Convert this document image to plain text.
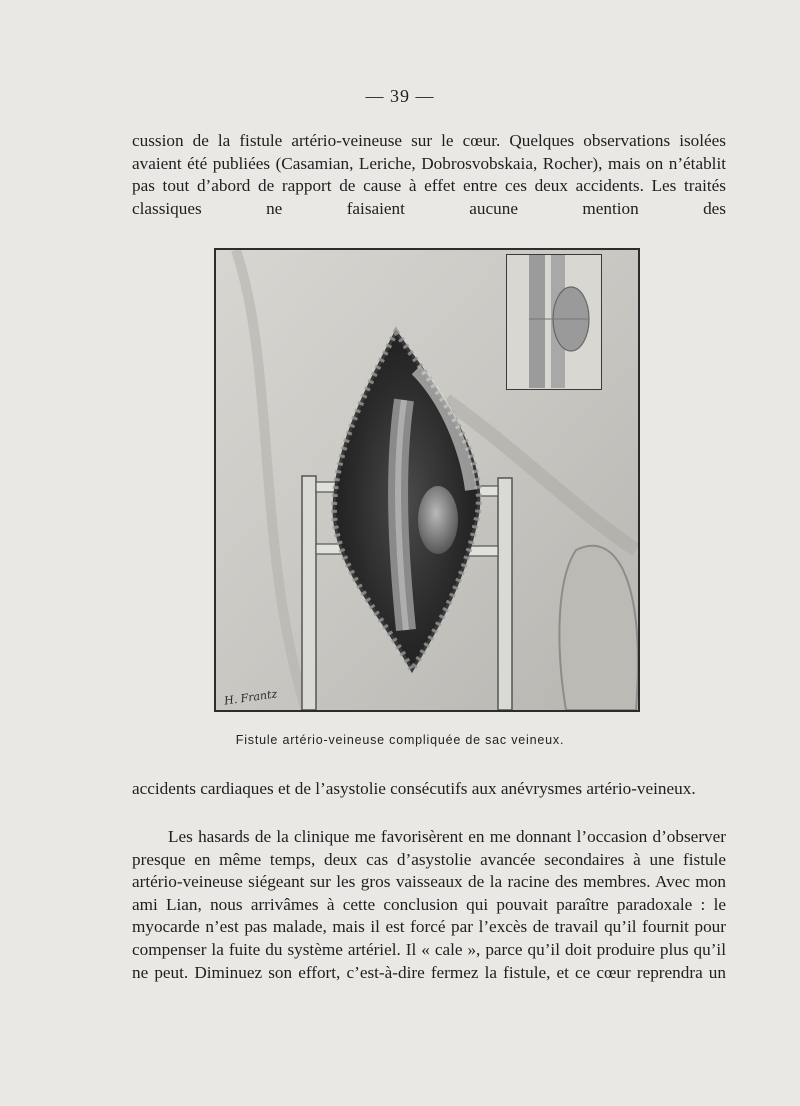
— 39 —

cussion de la fistule artério-veineuse sur le cœur. Quelques observations isolées avaient été publiées (Casamian, Leriche, Dobrosvobskaia, Rocher), mais on n’établit pas tout d’abord de rapport de cause à effet entre ces deux accidents. Les traités classiques ne faisaient aucune mention des

H. Frantz
Fistule artério-veineuse compliquée de sac veineux.

accidents cardiaques et de l’asystolie consécutifs aux anévrysmes artério-veineux.

Les hasards de la clinique me favorisèrent en me donnant l’occasion d’observer presque en même temps, deux cas d’asystolie avancée secondaires à une fistule artério-veineuse siégeant sur les gros vaisseaux de la racine des membres. Avec mon ami Lian, nous arrivâmes à cette conclusion qui pouvait paraître paradoxale : le myocarde n’est pas malade, mais il est forcé par l’excès de travail qu’il fournit pour compenser la fuite du système artériel. Il « cale », parce qu’il doit produire plus qu’il ne peut. Diminuez son effort, c’est-à-dire fermez la fistule, et ce cœur reprendra un
